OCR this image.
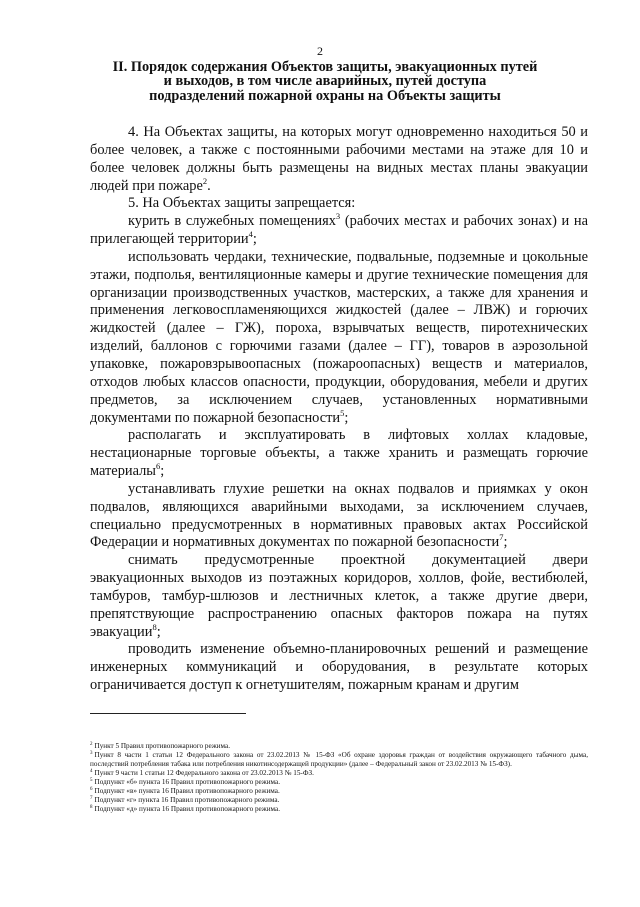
2

II. Порядок содержания Объектов защиты, эвакуационных путей
и выходов, в том числе аварийных, путей доступа
подразделений пожарной охраны на Объекты защиты

4. На Объектах защиты, на которых могут одновременно находиться 50 и более человек, а также с постоянными рабочими местами на этаже для 10 и более человек должны быть размещены на видных местах планы эвакуации людей при пожаре$^2$.

5. На Объектах защиты запрещается:

курить в служебных помещениях$^3$ (рабочих местах и рабочих зонах) и на прилегающей территории$^4$;

использовать чердаки, технические, подвальные, подземные и цокольные этажи, подполья, вентиляционные камеры и другие технические помещения для организации производственных участков, мастерских, а также для хранения и применения легковоспламеняющихся жидкостей (далее – ЛВЖ) и горючих жидкостей (далее – ГЖ), пороха, взрывчатых веществ, пиротехнических изделий, баллонов с горючими газами (далее – ГГ), товаров в аэрозольной упаковке, пожаровзрывоопасных (пожароопасных) веществ и материалов, отходов любых классов опасности, продукции, оборудования, мебели и других предметов, за исключением случаев, установленных нормативными документами по пожарной безопасности$^5$;

располагать и эксплуатировать в лифтовых холлах кладовые, нестационарные торговые объекты, а также хранить и размещать горючие материалы$^6$;

устанавливать глухие решетки на окнах подвалов и приямках у окон подвалов, являющихся аварийными выходами, за исключением случаев, специально предусмотренных в нормативных правовых актах Российской Федерации и нормативных документах по пожарной безопасности$^7$;

снимать предусмотренные проектной документацией двери эвакуационных выходов из поэтажных коридоров, холлов, фойе, вестибюлей, тамбуров, тамбур-шлюзов и лестничных клеток, а также другие двери, препятствующие распространению опасных факторов пожара на путях эвакуации$^8$;

проводить изменение объемно-планировочных решений и размещение инженерных коммуникаций и оборудования, в результате которых ограничивается доступ к огнетушителям, пожарным кранам и другим

$^2$ Пункт 5 Правил противопожарного режима.

$^3$ Пункт 8 части 1 статьи 12 Федерального закона от 23.02.2013 № 15-ФЗ «Об охране здоровья граждан от воздействия окружающего табачного дыма, последствий потребления табака или потребления никотинсодержащей продукции» (далее – Федеральный закон от 23.02.2013 № 15-ФЗ).

$^4$ Пункт 9 части 1 статьи 12 Федерального закона от 23.02.2013 № 15-ФЗ.

$^5$ Подпункт «б» пункта 16 Правил противопожарного режима.

$^6$ Подпункт «в» пункта 16 Правил противопожарного режима.

$^7$ Подпункт «г» пункта 16 Правил противопожарного режима.

$^8$ Подпункт «д» пункта 16 Правил противопожарного режима.
